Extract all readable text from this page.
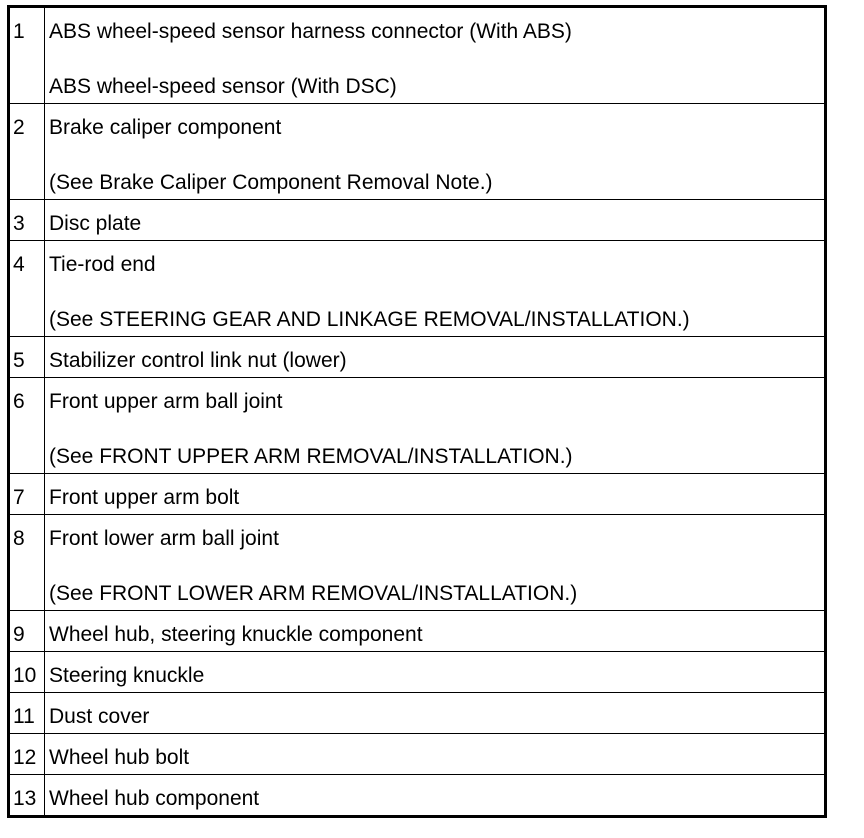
1	ABS wheel-speed sensor harness connector (With ABS)
ABS wheel-speed sensor (With DSC)

2	Brake caliper component
(See Brake Caliper Component Removal Note.)

3	Disc plate

4	Tie-rod end
(See STEERING GEAR AND LINKAGE REMOVAL/INSTALLATION.)

5	Stabilizer control link nut (lower)

6	Front upper arm ball joint
(See FRONT UPPER ARM REMOVAL/INSTALLATION.)

7	Front upper arm bolt

8	Front lower arm ball joint
(See FRONT LOWER ARM REMOVAL/INSTALLATION.)

9	Wheel hub, steering knuckle component

10	Steering knuckle

11	Dust cover

12	Wheel hub bolt

13	Wheel hub component
